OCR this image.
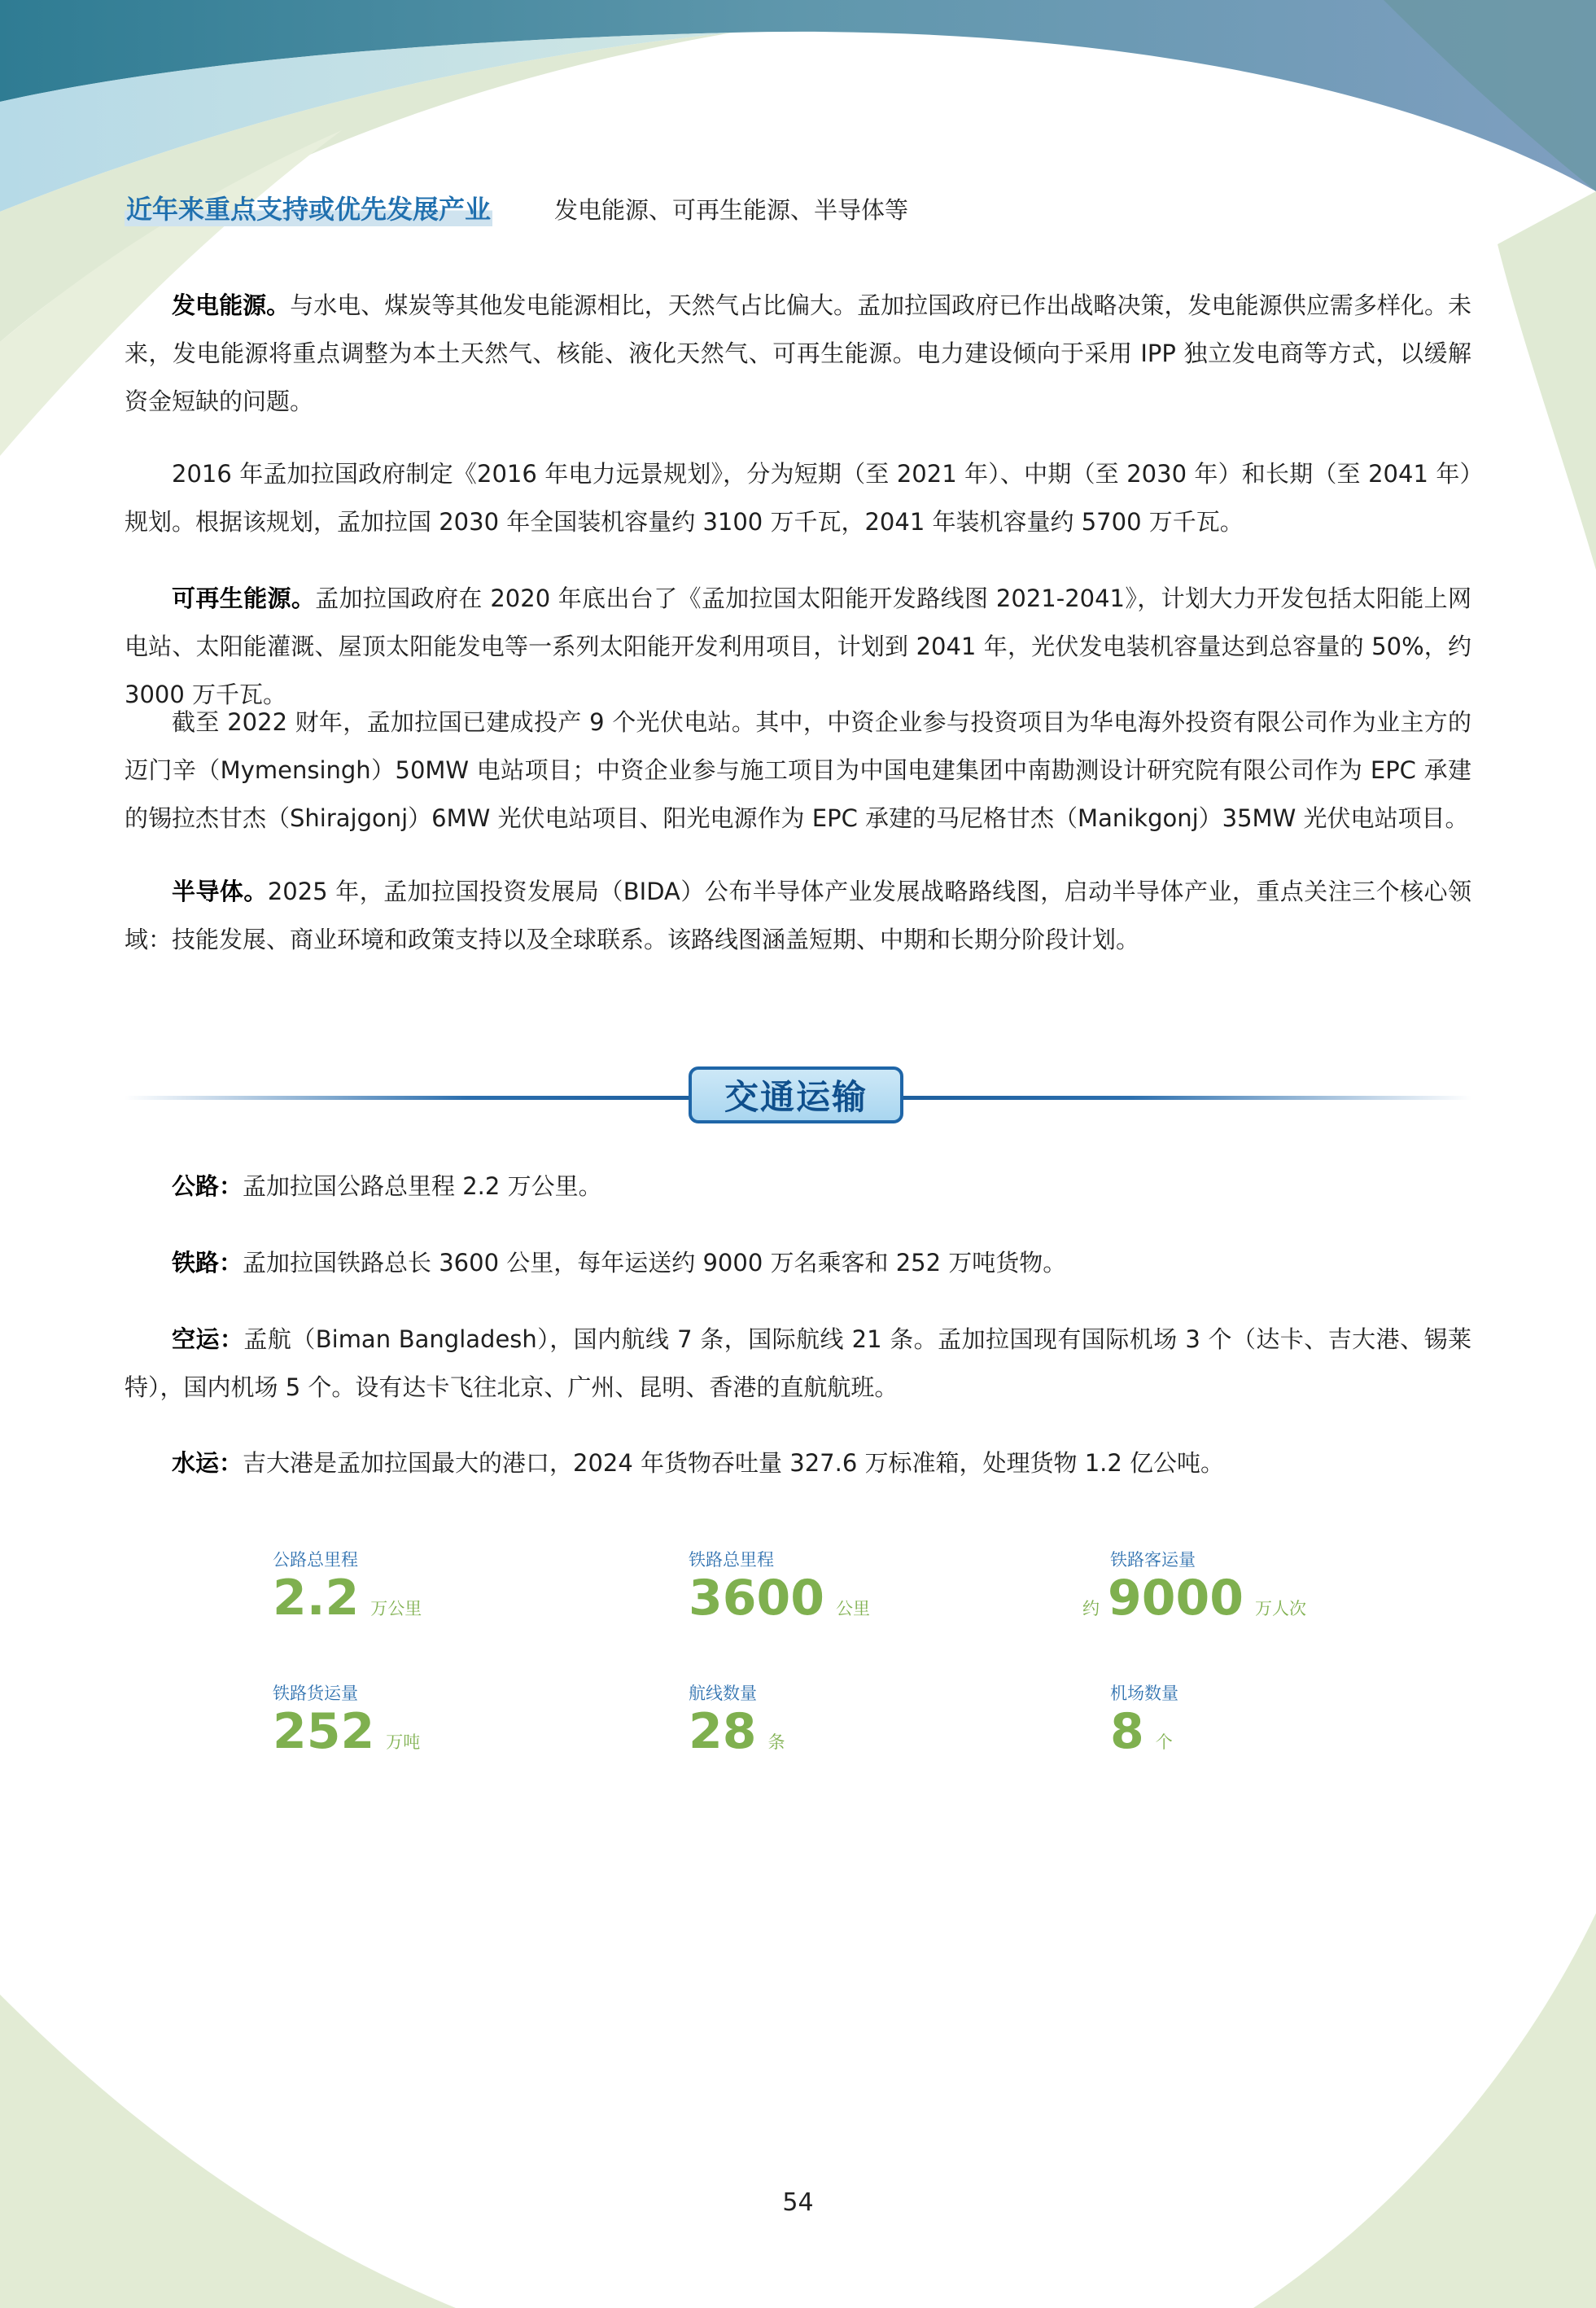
近年来重点支持或优先发展产业	发电能源、可再生能源、半导体等

发电能源。与水电、煤炭等其他发电能源相比，天然气占比偏大。孟加拉国政府已作出战略决策，发电能源供应需多样化。未来，发电能源将重点调整为本土天然气、核能、液化天然气、可再生能源。电力建设倾向于采用 IPP 独立发电商等方式，以缓解资金短缺的问题。

2016 年孟加拉国政府制定《2016 年电力远景规划》，分为短期（至 2021 年）、中期（至 2030 年）和长期（至 2041 年）规划。根据该规划，孟加拉国 2030 年全国装机容量约 3100 万千瓦，2041 年装机容量约 5700 万千瓦。

可再生能源。孟加拉国政府在 2020 年底出台了《孟加拉国太阳能开发路线图 2021-2041》，计划大力开发包括太阳能上网电站、太阳能灌溉、屋顶太阳能发电等一系列太阳能开发利用项目，计划到 2041 年，光伏发电装机容量达到总容量的 50%，约 3000 万千瓦。

截至 2022 财年，孟加拉国已建成投产 9 个光伏电站。其中，中资企业参与投资项目为华电海外投资有限公司作为业主方的迈门辛（Mymensingh）50MW 电站项目；中资企业参与施工项目为中国电建集团中南勘测设计研究院有限公司作为 EPC 承建的锡拉杰甘杰（Shirajgonj）6MW 光伏电站项目、阳光电源作为 EPC 承建的马尼格甘杰（Manikgonj）35MW 光伏电站项目。

半导体。2025 年，孟加拉国投资发展局（BIDA）公布半导体产业发展战略路线图，启动半导体产业，重点关注三个核心领域：技能发展、商业环境和政策支持以及全球联系。该路线图涵盖短期、中期和长期分阶段计划。

交通运输

公路：孟加拉国公路总里程 2.2 万公里。

铁路：孟加拉国铁路总长 3600 公里，每年运送约 9000 万名乘客和 252 万吨货物。

空运：孟航（Biman Bangladesh），国内航线 7 条，国际航线 21 条。孟加拉国现有国际机场 3 个（达卡、吉大港、锡莱特），国内机场 5 个。设有达卡飞往北京、广州、昆明、香港的直航航班。

水运：吉大港是孟加拉国最大的港口，2024 年货物吞吐量 327.6 万标准箱，处理货物 1.2 亿公吨。

公路总里程
2.2 万公里
铁路总里程
3600 公里
铁路客运量
约 9000 万人次
铁路货运量
252 万吨
航线数量
28 条
机场数量
8 个
54
